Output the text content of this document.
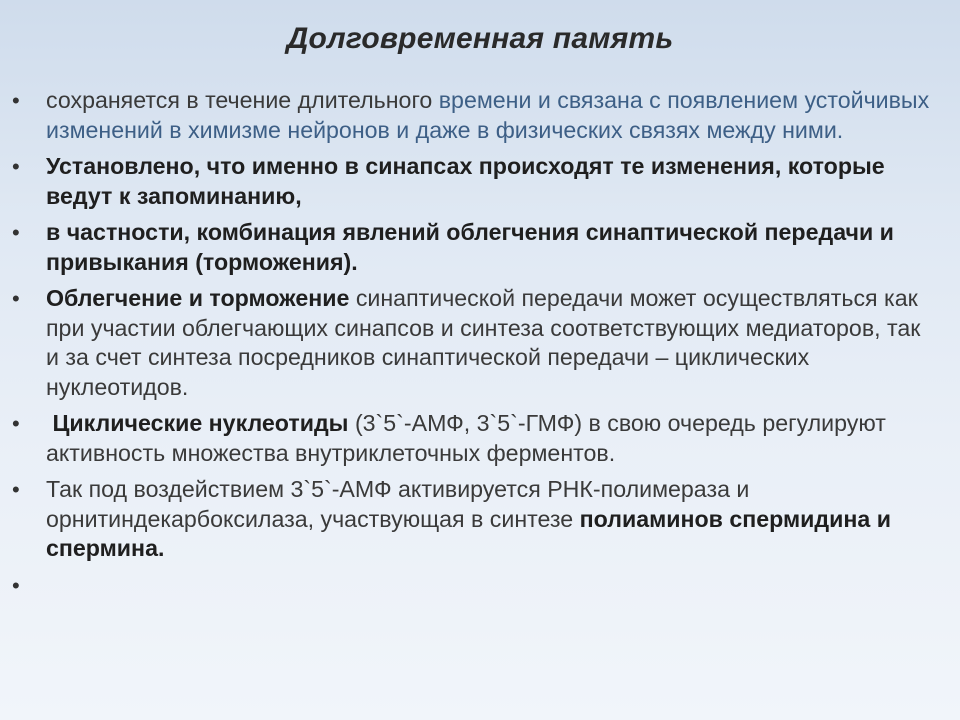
Долговременная память
• сохраняется в течение длительного времени и связана с появлением устойчивых изменений в химизме нейронов и даже в физических связях между ними.
• Установлено, что именно в синапсах происходят те изменения, которые ведут к запоминанию,
• в частности, комбинация явлений облегчения синаптической передачи и привыкания (торможения).
• Облегчение и торможение синаптической передачи может осуществляться как при участии облегчающих синапсов и синтеза соответствующих медиаторов, так и за счет синтеза посредников синаптической передачи – циклических нуклеотидов.
• Циклические нуклеотиды (3`5`-АМФ, 3`5`-ГМФ) в свою очередь регулируют активность множества внутриклеточных ферментов.
• Так под воздействием 3`5`-АМФ активируется РНК-полимераза и орнитиндекарбоксилаза, участвующая в синтезе полиаминов спермидина и спермина.
•
